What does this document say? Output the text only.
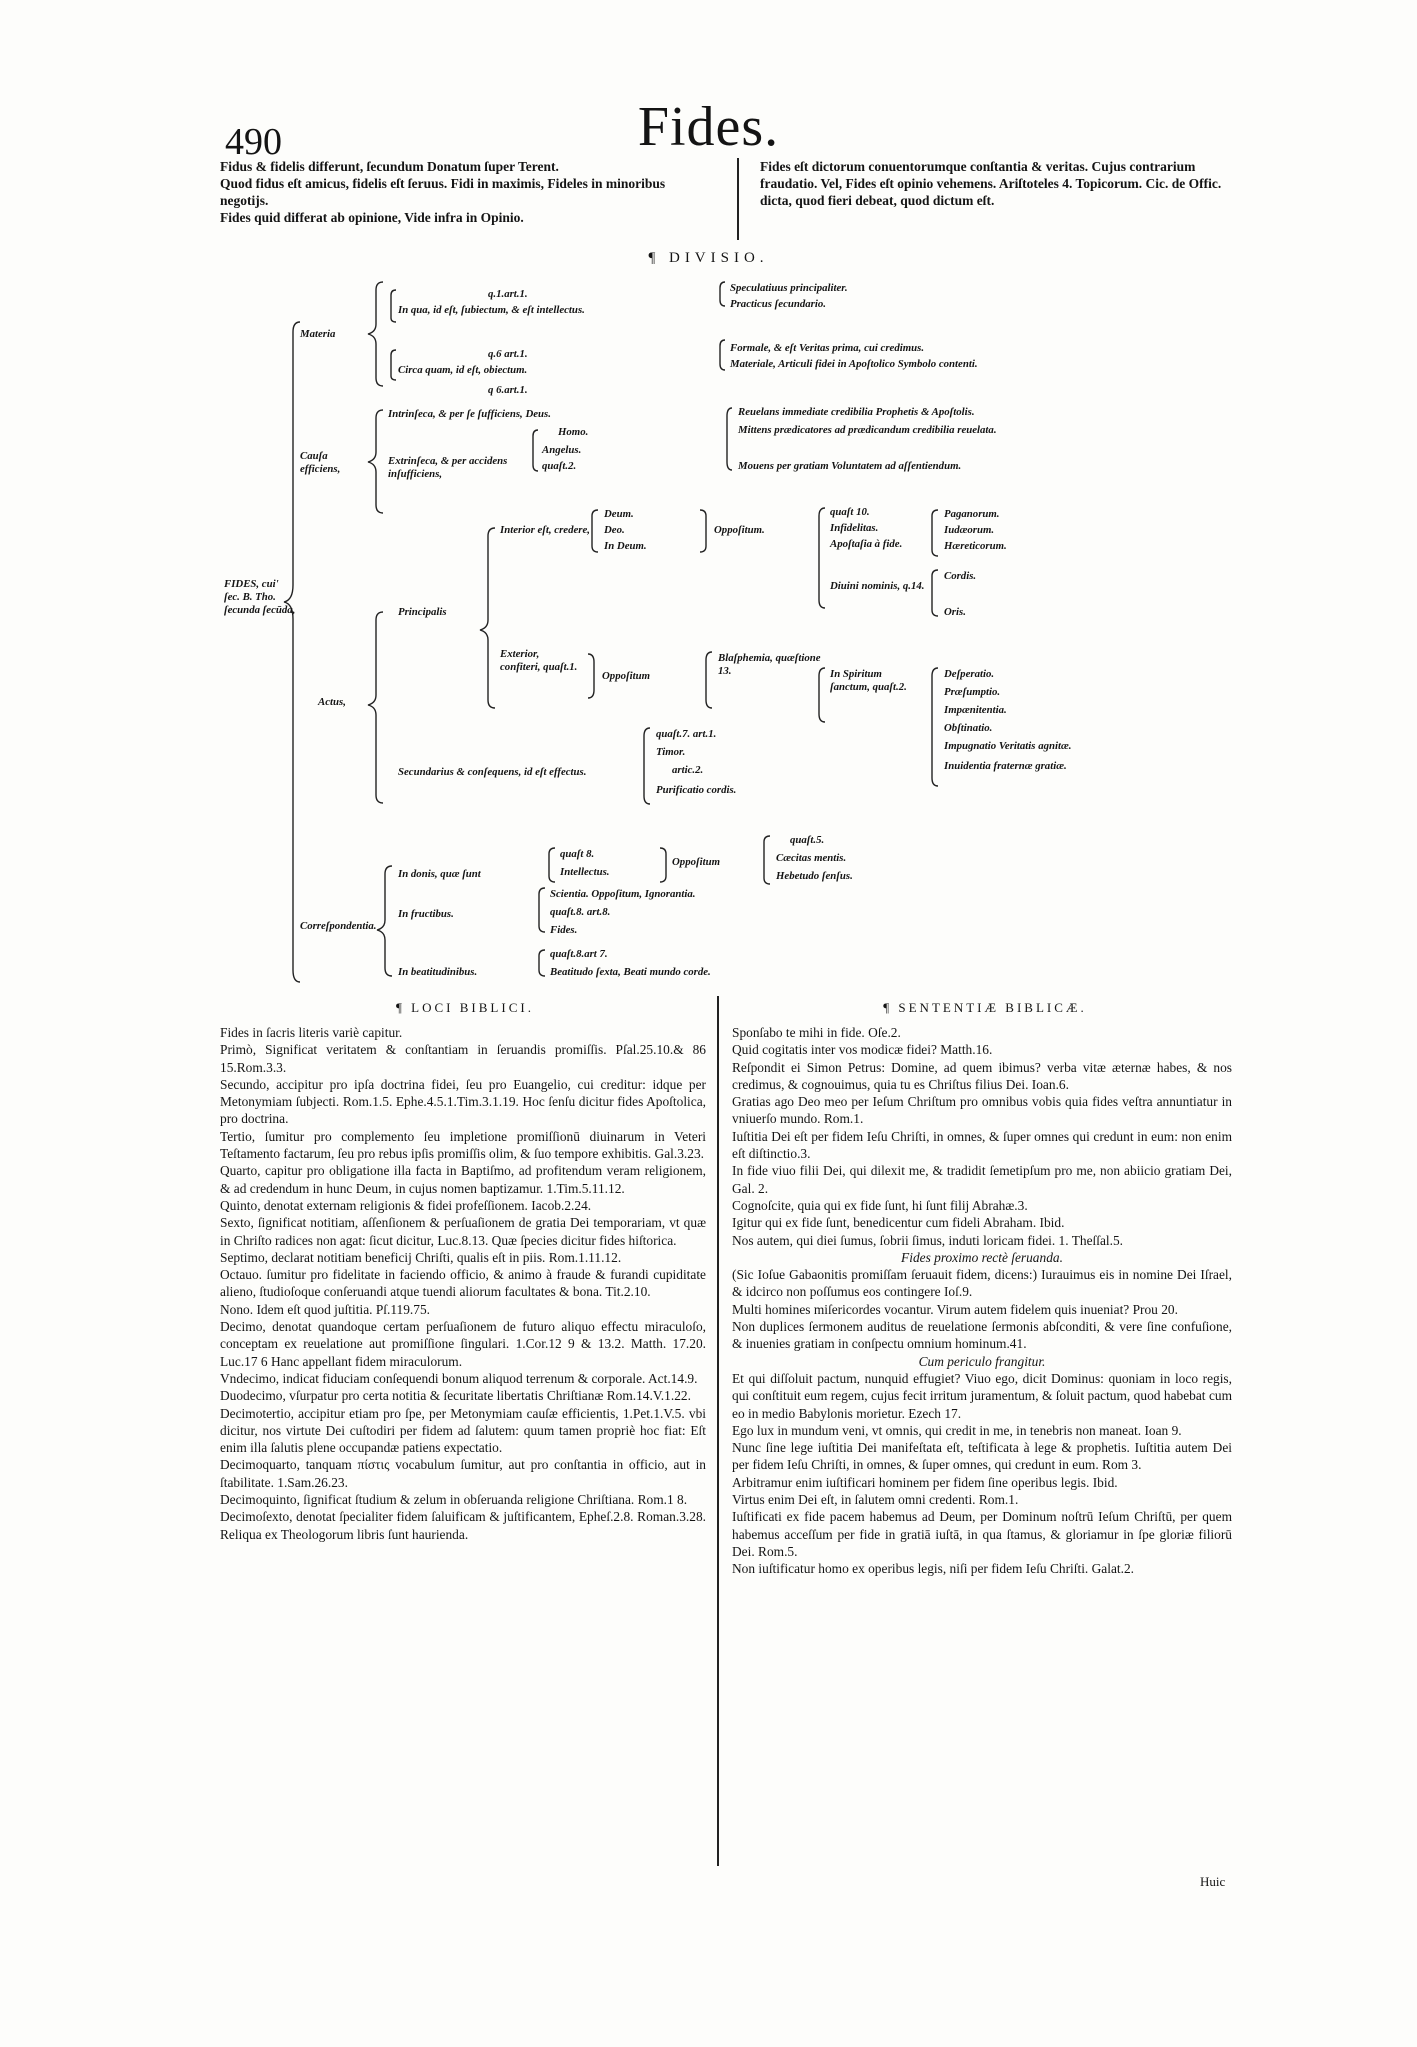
490	Fides.

Fidus & fidelis differunt, ſecundum Donatum ſuper Terent.

Quod fidus eſt amicus, fidelis eſt ſeruus. Fidi in maximis, Fideles in minoribus negotijs.

Fides quid differat ab opinione, Vide infra in Opinio.

Fides eſt dictorum conuentorumque conſtantia & veritas. Cujus contrarium fraudatio. Vel, Fides eſt opinio vehemens. Ariſtoteles 4. Topicorum. Cic. de Offic. dicta, quod fieri debeat, quod dictum eſt.

¶ DIVISIO.
FIDES, cui' ſec. B. Tho. ſecunda ſecūda,
Materia
q.1.art.1.
In qua, id eſt, ſubiectum, & eſt intellectus.
Speculatiuus principaliter.
Practicus ſecundario.
q.6 art.1.
Circa quam, id eſt, obiectum.
Formale, & eſt Veritas prima, cui credimus.
Materiale, Articuli fidei in Apoſtolico Symbolo contenti.
Cauſa efficiens,
q 6.art.1.
Intrinſeca, & per ſe ſufficiens, Deus.
Extrinſeca, & per accidens inſufficiens,
Homo.
Angelus.
quaſt.2.
Reuelans immediate credibilia Prophetis & Apoſtolis.
Mittens prædicatores ad prædicandum credibilia reuelata.
Mouens per gratiam Voluntatem ad aſſentiendum.
Actus,
Principalis
Interior eſt, credere,
Deum.
Deo.
In Deum.
Oppoſitum.
quaſt 10.
Infidelitas.
Apoſtaſia à fide.
Diuini nominis, q.14.
Paganorum.
Iudæorum.
Hæreticorum.
Cordis.
Oris.
Exterior, confiteri, quaſt.1.
Oppoſitum
Blaſphemia, quæſtione 13.	In Spiritum ſanctum, quaſt.2.
Deſperatio.
Præſumptio.
Impænitentia.
Obſtinatio.
Impugnatio Veritatis agnitæ.
Inuidentia fraternæ gratiæ.
Secundarius & conſequens, id eſt effectus.
quaſt.7. art.1.
Timor.
artic.2.
Purificatio cordis.
Correſpondentia.
In donis, quæ ſunt
quaſt 8.
Intellectus.
Oppoſitum
quaſt.5.
Cæcitas mentis.
Hebetudo ſenſus.
In fructibus.
Scientia. Oppoſitum, Ignorantia.
quaſt.8. art.8.
Fides.
In beatitudinibus.
quaſt.8.art 7.
Beatitudo ſexta, Beati mundo corde.
¶ LOCI BIBLICI.	¶ SENTENTIÆ BIBLICÆ.

Fides in ſacris literis variè capitur.

Primò, Significat veritatem & conſtantiam in ſeruandis promiſſis. Pſal.25.10.& 86 15.Rom.3.3.

Secundo, accipitur pro ipſa doctrina fidei, ſeu pro Euangelio, cui creditur: idque per Metonymiam ſubjecti. Rom.1.5. Ephe.4.5.1.Tim.3.1.19. Hoc ſenſu dicitur fides Apoſtolica, pro doctrina.

Tertio, ſumitur pro complemento ſeu impletione promiſſionū diuinarum in Veteri Teſtamento factarum, ſeu pro rebus ipſis promiſſis olim, & ſuo tempore exhibitis. Gal.3.23.

Quarto, capitur pro obligatione illa facta in Baptiſmo, ad profitendum veram religionem, & ad credendum in hunc Deum, in cujus nomen baptizamur. 1.Tim.5.11.12.

Quinto, denotat externam religionis & fidei profeſſionem. Iacob.2.24.

Sexto, ſignificat notitiam, aſſenſionem & perſuaſionem de gratia Dei temporariam, vt quæ in Chriſto radices non agat: ſicut dicitur, Luc.8.13. Quæ ſpecies dicitur fides hiſtorica.

Septimo, declarat notitiam beneficij Chriſti, qualis eſt in piis. Rom.1.11.12.

Octauo. ſumitur pro fidelitate in faciendo officio, & animo à fraude & furandi cupiditate alieno, ſtudioſoque conſeruandi atque tuendi aliorum facultates & bona. Tit.2.10.

Nono. Idem eſt quod juſtitia. Pſ.119.75.

Decimo, denotat quandoque certam perſuaſionem de futuro aliquo effectu miraculoſo, conceptam ex reuelatione aut promiſſione ſingulari. 1.Cor.12 9 & 13.2. Matth. 17.20. Luc.17 6 Hanc appellant fidem miraculorum.

Vndecimo, indicat fiduciam conſequendi bonum aliquod terrenum & corporale. Act.14.9.

Duodecimo, vſurpatur pro certa notitia & ſecuritate libertatis Chriſtianæ Rom.14.V.1.22.

Decimotertio, accipitur etiam pro ſpe, per Metonymiam cauſæ efficientis, 1.Pet.1.V.5. vbi dicitur, nos virtute Dei cuſtodiri per fidem ad ſalutem: quum tamen propriè hoc fiat: Eſt enim illa ſalutis plene occupandæ patiens expectatio.

Decimoquarto, tanquam πίστις vocabulum ſumitur, aut pro conſtantia in officio, aut in ſtabilitate. 1.Sam.26.23.

Decimoquinto, ſignificat ſtudium & zelum in obſeruanda religione Chriſtiana. Rom.1 8.

Decimoſexto, denotat ſpecialiter fidem ſaluificam & juſtificantem, Epheſ.2.8. Roman.3.28. Reliqua ex Theologorum libris ſunt haurienda.

Sponſabo te mihi in fide. Oſe.2.

Quid cogitatis inter vos modicæ fidei? Matth.16.

Reſpondit ei Simon Petrus: Domine, ad quem ibimus? verba vitæ æternæ habes, & nos credimus, & cognouimus, quia tu es Chriſtus filius Dei. Ioan.6.

Gratias ago Deo meo per Ieſum Chriſtum pro omnibus vobis quia fides veſtra annuntiatur in vniuerſo mundo. Rom.1.

Iuſtitia Dei eſt per fidem Ieſu Chriſti, in omnes, & ſuper omnes qui credunt in eum: non enim eſt diſtinctio.3.

In fide viuo filii Dei, qui dilexit me, & tradidit ſemetipſum pro me, non abiicio gratiam Dei, Gal. 2.

Cognoſcite, quia qui ex fide ſunt, hi ſunt filij Abrahæ.3.

Igitur qui ex fide ſunt, benedicentur cum fideli Abraham. Ibid.

Nos autem, qui diei ſumus, ſobrii ſimus, induti loricam fidei. 1. Theſſal.5.

Fides proximo rectè ſeruanda.

(Sic Ioſue Gabaonitis promiſſam ſeruauit fidem, dicens:) Iurauimus eis in nomine Dei Iſrael, & idcirco non poſſumus eos contingere Ioſ.9.

Multi homines miſericordes vocantur. Virum autem fidelem quis inueniat? Prou 20.

Non duplices ſermonem auditus de reuelatione ſermonis abſconditi, & vere ſine confuſione, & inuenies gratiam in conſpectu omnium hominum.41.

Cum periculo frangitur.

Et qui diſſoluit pactum, nunquid effugiet? Viuo ego, dicit Dominus: quoniam in loco regis, qui conſtituit eum regem, cujus fecit irritum juramentum, & ſoluit pactum, quod habebat cum eo in medio Babylonis morietur. Ezech 17.

Ego lux in mundum veni, vt omnis, qui credit in me, in tenebris non maneat. Ioan 9.

Nunc ſine lege iuſtitia Dei manifeſtata eſt, teſtificata à lege & prophetis. Iuſtitia autem Dei per fidem Ieſu Chriſti, in omnes, & ſuper omnes, qui credunt in eum. Rom 3.

Arbitramur enim iuſtificari hominem per fidem ſine operibus legis. Ibid.

Virtus enim Dei eſt, in ſalutem omni credenti. Rom.1.

Iuſtificati ex fide pacem habemus ad Deum, per Dominum noſtrū Ieſum Chriſtū, per quem habemus acceſſum per fide in gratiā iuſtā, in qua ſtamus, & gloriamur in ſpe gloriæ filiorū Dei. Rom.5.

Non iuſtificatur homo ex operibus legis, niſi per fidem Ieſu Chriſti. Galat.2.

Huic
